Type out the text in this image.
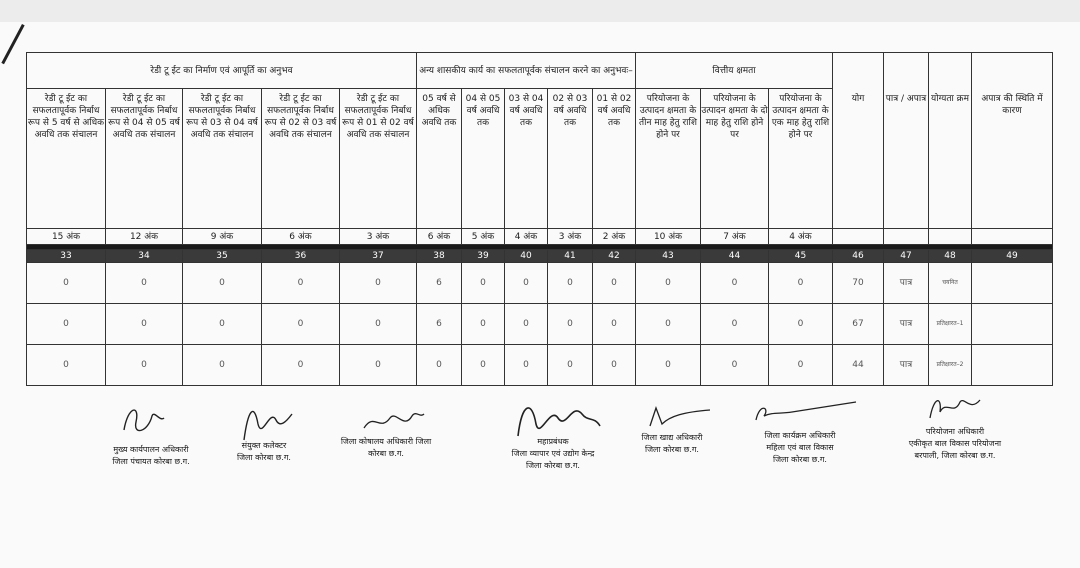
रेडी टू ईट का निर्माण एवं आपूर्ति का अनुभव					अन्य शासकीय कार्य का सफलतापूर्वक संचालन करने का अनुभवः–					वित्तीय क्षमता			योग	पात्र / अपात्र	योग्यता क्रम	अपात्र की स्थिति में कारण
रेडी टू ईट का सफलतापूर्वक निर्बाध रूप से 5 वर्ष से अधिक अवधि तक संचालन	रेडी टू ईट का सफलतापूर्वक निर्बाध रूप से 04 से 05 वर्ष अवधि तक संचालन	रेडी टू ईट का सफलतापूर्वक निर्बाध रूप से 03 से 04 वर्ष अवधि तक संचालन	रेडी टू ईट का सफलतापूर्वक निर्बाध रूप से 02 से 03 वर्ष अवधि तक संचालन	रेडी टू ईट का सफलतापूर्वक निर्बाध रूप से 01 से 02 वर्ष अवधि तक संचालन	05 वर्ष से अधिक अवधि तक	04 से 05 वर्ष अवधि तक	03 से 04 वर्ष अवधि तक	02 से 03 वर्ष अवधि तक	01 से 02 वर्ष अवधि तक	परियोजना के उत्पादन क्षमता के तीन माह हेतु राशि होने पर	परियोजना के उत्पादन क्षमता के दो माह हेतु राशि होने पर	परियोजना के उत्पादन क्षमता के एक माह हेतु राशि होने पर				
15 अंक	12 अंक	9 अंक	6 अंक	3 अंक	6 अंक	5 अंक	4 अंक	3 अंक	2 अंक	10 अंक	7 अंक	4 अंक				

33	34	35	36	37	38	39	40	41	42	43	44	45	46	47	48	49
0	0	0	0	0	6	0	0	0	0	0	0	0	70	पात्र	चयनित	
0	0	0	0	0	6	0	0	0	0	0	0	0	67	पात्र	प्रतिक्षारत–1	
0	0	0	0	0	0	0	0	0	0	0	0	0	44	पात्र	प्रतिक्षारत–2	
मुख्य कार्यपालन अधिकारी
जिला पंचायत कोरबा छ.ग.
संयुक्त कलेक्टर
जिला कोरबा छ.ग.
जिला कोषालय अधिकारी जिला
कोरबा छ.ग.
महाप्रबंधक
जिला व्यापार एवं उद्योग केन्द्र
जिला कोरबा छ.ग.
जिला खाद्य अधिकारी
जिला कोरबा छ.ग.
जिला कार्यक्रम अधिकारी
महिला एवं बाल विकास
जिला कोरबा छ.ग.
परियोजना अधिकारी
एकीकृत बाल विकास परियोजना
बरपाली, जिला कोरबा छ.ग.
